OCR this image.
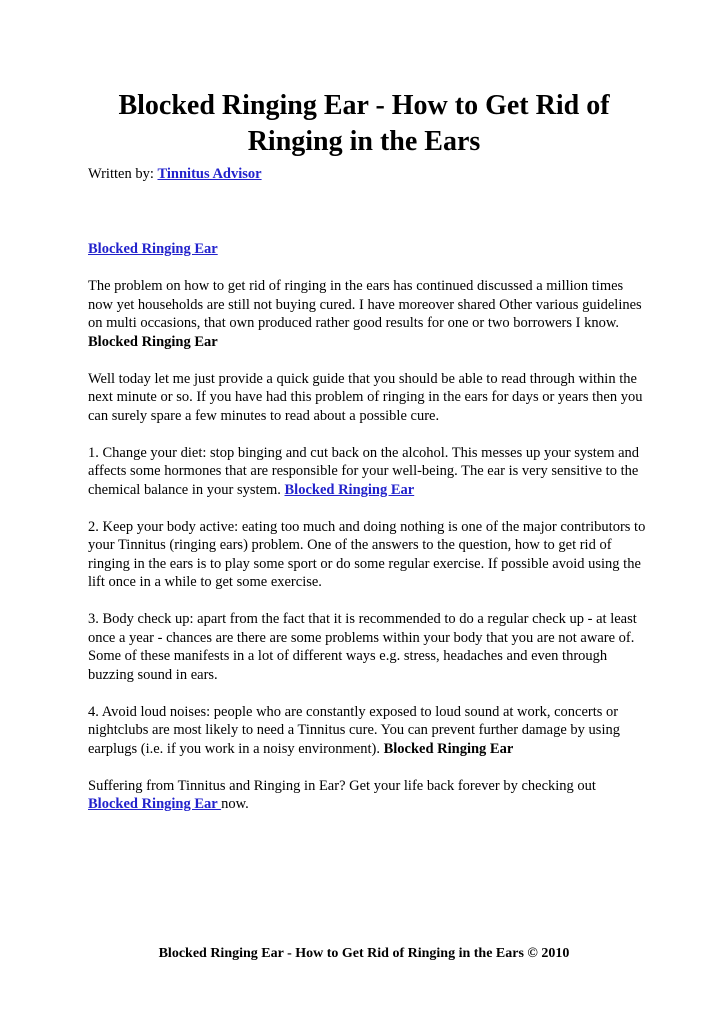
Blocked Ringing Ear - How to Get Rid of
Ringing in the Ears
Written by: Tinnitus Advisor

Blocked Ringing Ear

The problem on how to get rid of ringing in the ears has continued discussed a million times now yet households are still not buying cured. I have moreover shared Other various guidelines on multi occasions, that own produced rather good results for one or two borrowers I know. Blocked Ringing Ear

Well today let me just provide a quick guide that you should be able to read through within the next minute or so. If you have had this problem of ringing in the ears for days or years then you can surely spare a few minutes to read about a possible cure.

1. Change your diet: stop binging and cut back on the alcohol. This messes up your system and affects some hormones that are responsible for your well-being. The ear is very sensitive to the chemical balance in your system. Blocked Ringing Ear

2. Keep your body active: eating too much and doing nothing is one of the major contributors to your Tinnitus (ringing ears) problem. One of the answers to the question, how to get rid of ringing in the ears is to play some sport or do some regular exercise. If possible avoid using the lift once in a while to get some exercise.

3. Body check up: apart from the fact that it is recommended to do a regular check up - at least once a year - chances are there are some problems within your body that you are not aware of. Some of these manifests in a lot of different ways e.g. stress, headaches and even through buzzing sound in ears.

4. Avoid loud noises: people who are constantly exposed to loud sound at work, concerts or nightclubs are most likely to need a Tinnitus cure. You can prevent further damage by using earplugs (i.e. if you work in a noisy environment). Blocked Ringing Ear

Suffering from Tinnitus and Ringing in Ear? Get your life back forever by checking out Blocked Ringing Ear now.

Blocked Ringing Ear - How to Get Rid of Ringing in the Ears © 2010
